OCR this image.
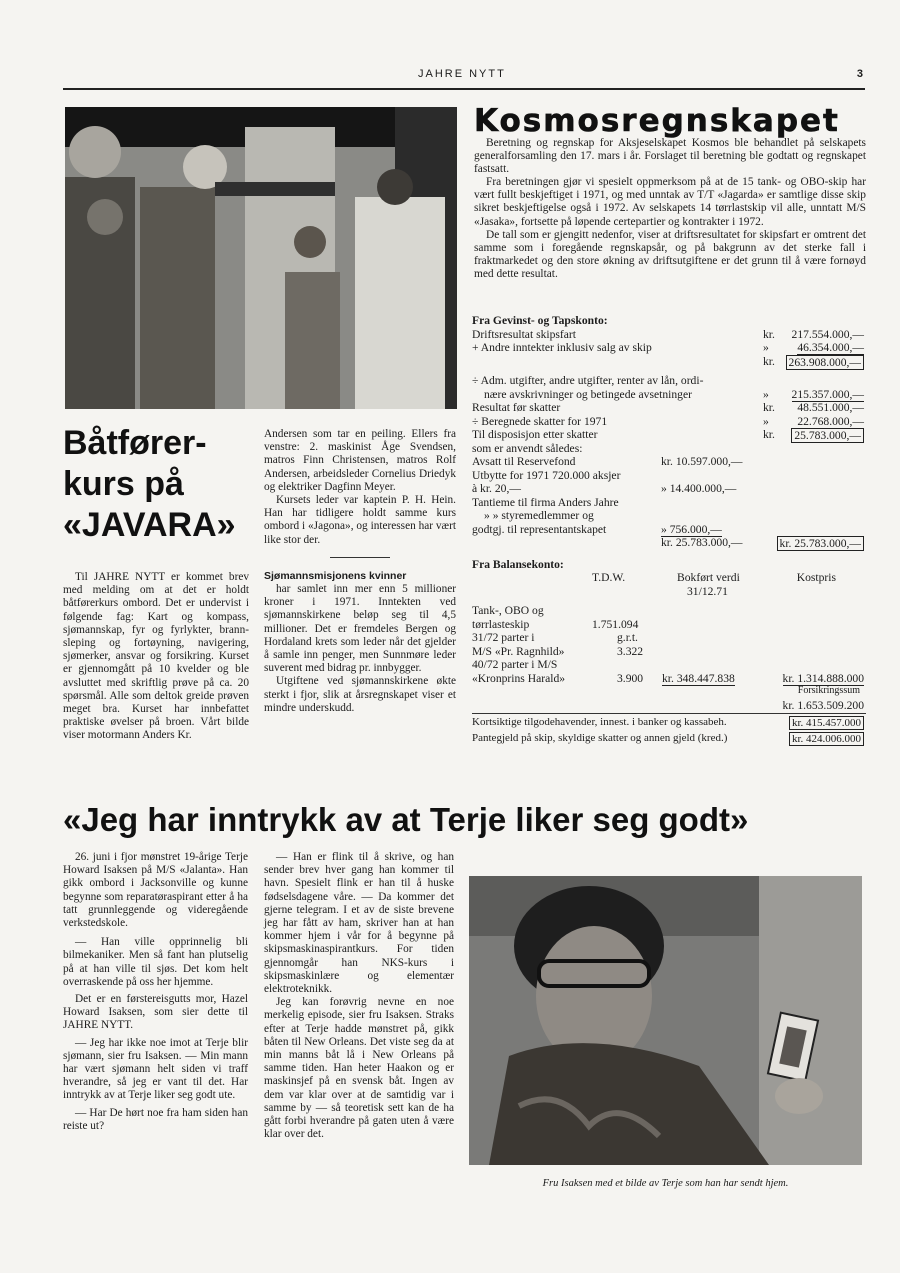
JAHRE NYTT	3
Kosmosregnskapet

Beretning og regnskap for Aksjeselskapet Kosmos ble behandlet på selskapets generalforsamling den 17. mars i år. Forslaget til beretning ble godtatt og regnskapet fastsatt.

Fra beretningen gjør vi spesielt oppmerksom på at de 15 tank- og OBO-skip har vært fullt beskjeftiget i 1971, og med unntak av T/T «Jagarda» er samtlige disse skip sikret beskjeftigelse også i 1972. Av selskapets 14 tørrlastskip vil alle, unntatt M/S «Jasaka», fortsette på løpende certepartier og kontrakter i 1972.

De tall som er gjengitt nedenfor, viser at driftsresultatet for skipsfart er omtrent det samme som i foregående regnskapsår, og på bakgrunn av det sterke fall i fraktmarkedet og den store økning av driftsutgiftene er det grunn til å være fornøyd med dette resultat.

Fra Gevinst- og Tapskonto:
Driftsresultat skipsfart	kr. 217.554.000,—
+ Andre inntekter inklusiv salg av skip	» 46.354.000,—
kr. 263.908.000,—
÷ Adm. utgifter, andre utgifter, renter av lån, ordi-
nære avskrivninger og betingede avsetninger	» 215.357.000,—
Resultat før skatter	kr. 48.551.000,—
÷ Beregnede skatter for 1971	» 22.768.000,—
Til disposisjon etter skatter	kr. 25.783.000,—
som er anvendt således:
Avsatt til Reservefond	kr. 10.597.000,—
Utbytte for 1971 720.000 aksjer
à kr. 20,—	» 14.400.000,—
Tantieme til firma Anders Jahre
» » styremedlemmer og
godtgj. til representantskapet	» 756.000,—
kr. 25.783.000,—	kr. 25.783.000,—
Fra Balansekonto:
T.D.W.	Bokført verdi	Kostpris
31/12.71
Tank-, OBO og
tørrlasteskip	1.751.094
31/72 parter i	g.r.t.
M/S «Pr. Ragnhild»	3.322
40/72 parter i M/S
«Kronprins Harald»	3.900 kr. 348.447.838	kr. 1.314.888.000
Forsikringssum
kr. 1.653.509.200
Kortsiktige tilgodehavender, innest. i banker og kassabeh.	kr. 415.457.000
Pantegjeld på skip, skyldige skatter og annen gjeld (kred.)	kr. 424.006.000
Båtfører-
kurs på
«JAVARA»

Til JAHRE NYTT er kommet brev med melding om at det er holdt båtførerkurs ombord. Det er undervist i følgende fag: Kart og kompass, sjømannskap, fyr og fyrlykter, brann-sleping og fortøyning, navigering, sjømerker, ansvar og forsikring. Kurset er gjennomgått på 10 kvelder og ble avsluttet med skriftlig prøve på ca. 20 spørsmål. Alle som deltok greide prøven meget bra. Kurset har innbefattet praktiske øvelser på broen. Vårt bilde viser motormann Anders Kr.

Andersen som tar en peiling. Ellers fra venstre: 2. maskinist Åge Svendsen, matros Finn Christensen, matros Rolf Andersen, arbeidsleder Cornelius Driedyk og elektriker Dagfinn Meyer.

Kursets leder var kaptein P. H. Hein. Han har tidligere holdt samme kurs ombord i «Jagona», og interessen har vært like stor der.

Sjømannsmisjonens kvinner

har samlet inn mer enn 5 millioner kroner i 1971. Inntekten ved sjømannskirkene beløp seg til 4,5 millioner. Det er fremdeles Bergen og Hordaland krets som leder når det gjelder å samle inn penger, men Sunnmøre leder suverent med bidrag pr. innbygger.

Utgiftene ved sjømannskirkene økte sterkt i fjor, slik at årsregnskapet viser et mindre underskudd.

«Jeg har inntrykk av at Terje liker seg godt»

26. juni i fjor mønstret 19-årige Terje Howard Isaksen på M/S «Jalanta». Han gikk ombord i Jacksonville og kunne begynne som reparatøraspirant etter å ha tatt grunnleggende og videregående verkstedskole.

— Han ville opprinnelig bli bilmekaniker. Men så fant han plutselig på at han ville til sjøs. Det kom helt overraskende på oss her hjemme.

Det er en førstereisgutts mor, Hazel Howard Isaksen, som sier dette til JAHRE NYTT.

— Jeg har ikke noe imot at Terje blir sjømann, sier fru Isaksen. — Min mann har vært sjømann helt siden vi traff hverandre, så jeg er vant til det. Har inntrykk av at Terje liker seg godt ute.

— Har De hørt noe fra ham siden han reiste ut?

— Han er flink til å skrive, og han sender brev hver gang han kommer til havn. Spesielt flink er han til å huske fødselsdagene våre. — Da kommer det gjerne telegram. I et av de siste brevene jeg har fått av ham, skriver han at han kommer hjem i vår for å begynne på skipsmaskinaspirantkurs. For tiden gjennomgår han NKS-kurs i skipsmaskinlære og elementær elektroteknikk.

Jeg kan forøvrig nevne en noe merkelig episode, sier fru Isaksen. Straks efter at Terje hadde mønstret på, gikk båten til New Orleans. Det viste seg da at min manns båt lå i New Orleans på samme tiden. Han heter Haakon og er maskinsjef på en svensk båt. Ingen av dem var klar over at de samtidig var i samme by — så teoretisk sett kan de ha gått forbi hverandre på gaten uten å være klar over det.

Fru Isaksen med et bilde av Terje som han har sendt hjem.
